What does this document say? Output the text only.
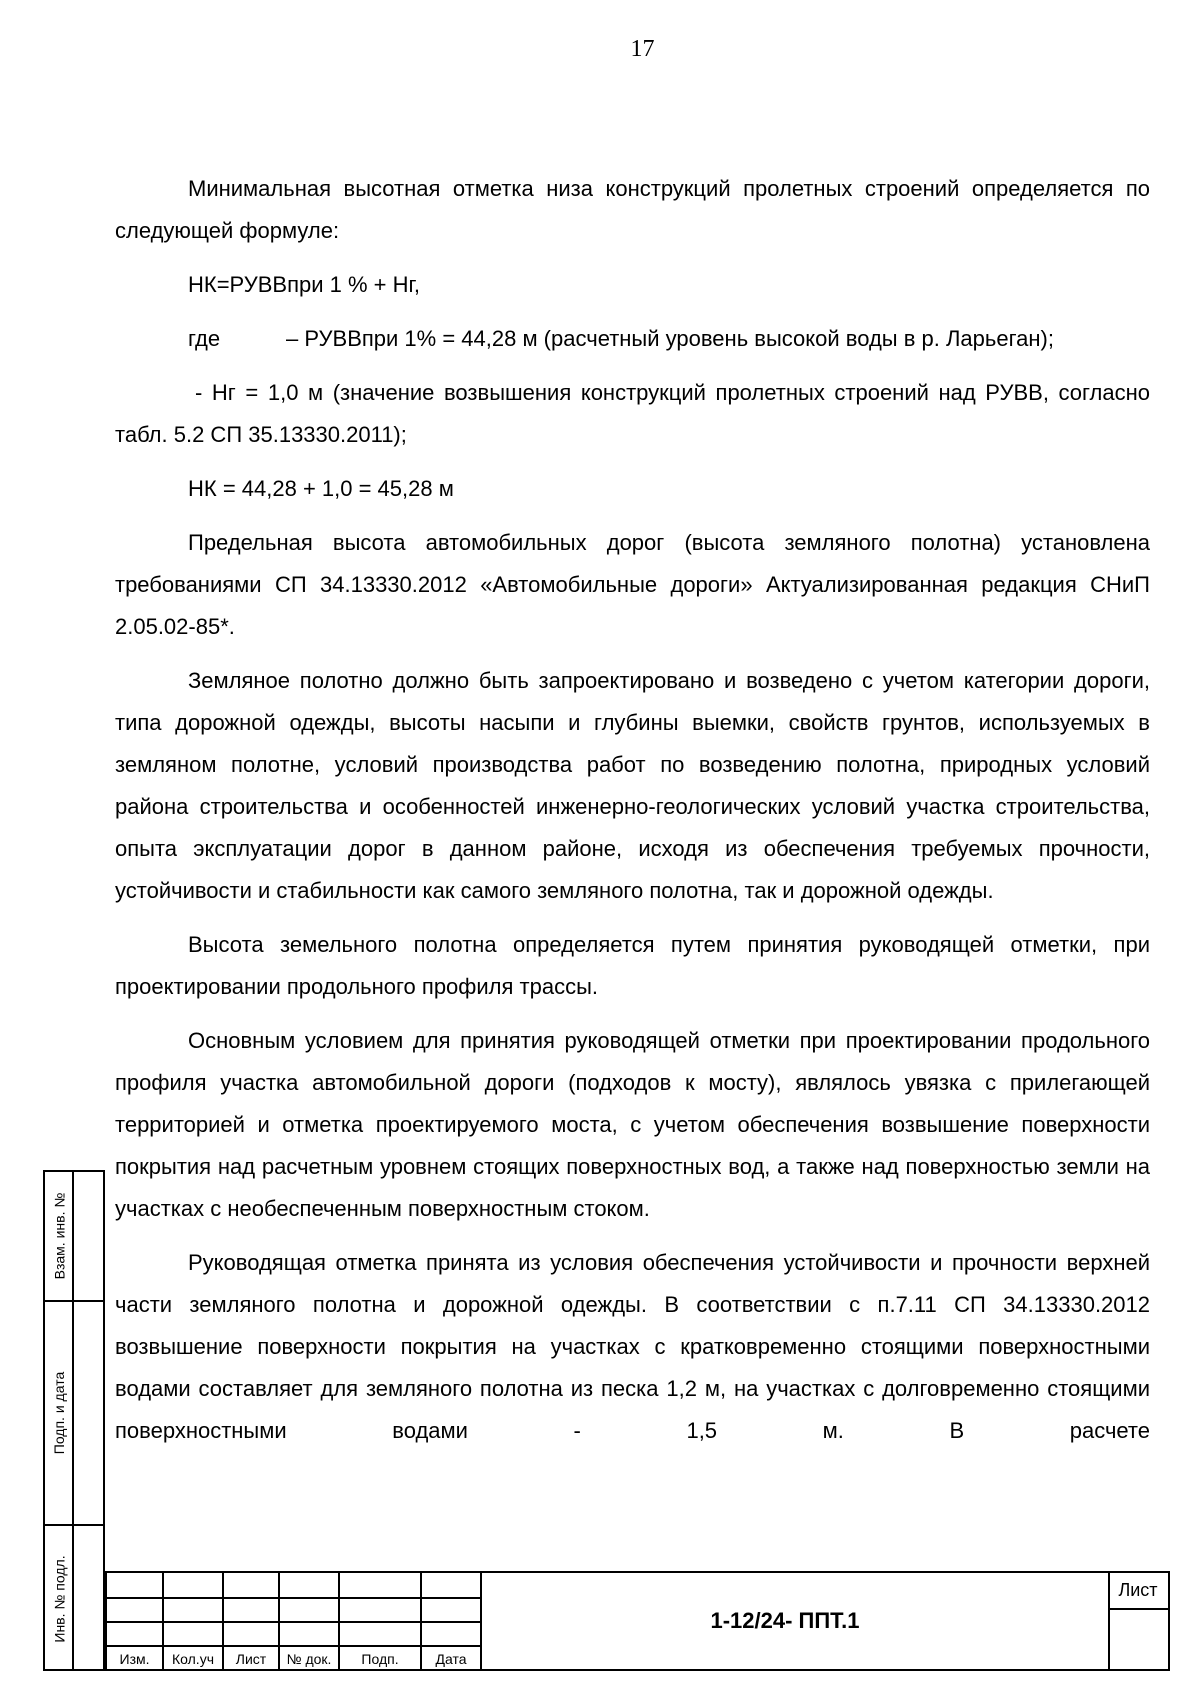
17

Минимальная высотная отметка низа конструкций пролетных строений определяется по следующей формуле:

НК=РУВВпри 1 % + Нг,
где	– РУВВпри 1% = 44,28 м (расчетный уровень высокой воды в р. Ларьеган);

- Нг = 1,0 м (значение возвышения конструкций пролетных строений над РУВВ, согласно табл. 5.2 СП 35.13330.2011);

НК = 44,28 + 1,0 = 45,28 м

Предельная высота автомобильных дорог (высота земляного полотна) установлена требованиями СП 34.13330.2012 «Автомобильные дороги» Актуализированная редакция СНиП 2.05.02-85*.

Земляное полотно должно быть запроектировано и возведено с учетом категории дороги, типа дорожной одежды, высоты насыпи и глубины выемки, свойств грунтов, используемых в земляном полотне, условий производства работ по возведению полотна, природных условий района строительства и особенностей инженерно-геологических условий участка строительства, опыта эксплуатации дорог в данном районе, исходя из обеспечения требуемых прочности, устойчивости и стабильности как самого земляного полотна, так и дорожной одежды.

Высота земельного полотна определяется путем принятия руководящей отметки, при проектировании продольного профиля трассы.

Основным условием для принятия руководящей отметки при проектировании продольного профиля участка автомобильной дороги (подходов к мосту), являлось увязка с прилегающей территорией и отметка проектируемого моста, с учетом обеспечения возвышение поверхности покрытия над расчетным уровнем стоящих поверхностных вод, а также над поверхностью земли на участках с необеспеченным поверхностным стоком.

Руководящая отметка принята из условия обеспечения устойчивости и прочности верхней части земляного полотна и дорожной одежды. В соответствии с п.7.11 СП 34.13330.2012 возвышение поверхности покрытия на участках с кратковременно стоящими поверхностными водами составляет для земляного полотна из песка 1,2 м, на участках с долговременно стоящими поверхностными водами - 1,5 м. В расчете

Взам. инв. №
Подп. и дата
Инв. № подл.
Изм.	Кол.уч	Лист	№ док.	Подп.	Дата
1-12/24- ППТ.1
Лист
